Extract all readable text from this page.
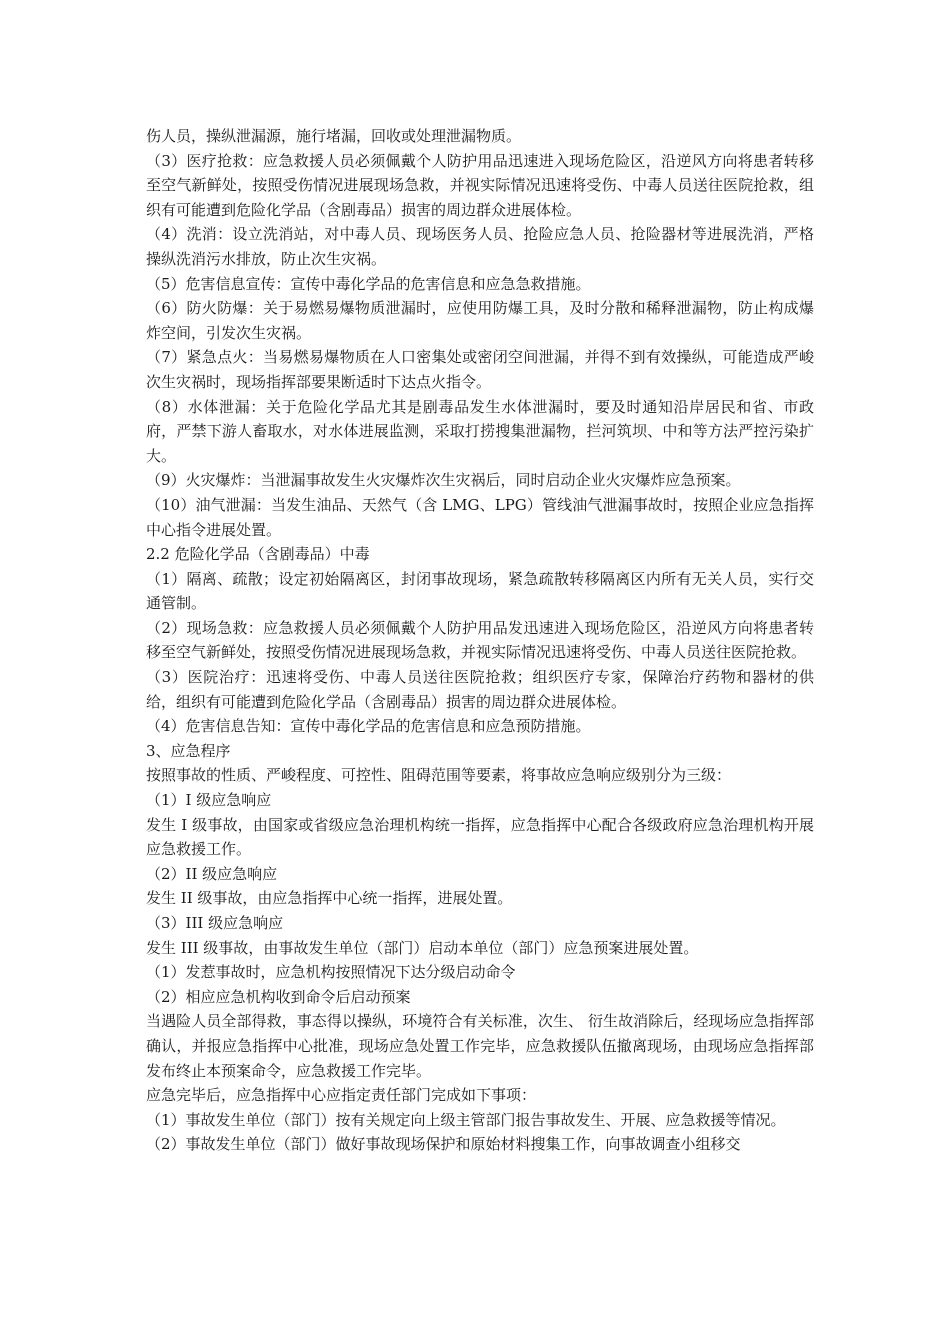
伤人员，操纵泄漏源，施行堵漏，回收或处理泄漏物质。

（3）医疗抢救：应急救援人员必须佩戴个人防护用品迅速进入现场危险区，沿逆风方向将患者转移至空气新鲜处，按照受伤情况进展现场急救，并视实际情况迅速将受伤、中毒人员送往医院抢救，组织有可能遭到危险化学品（含剧毒品）损害的周边群众进展体检。

（4）洗消：设立洗消站，对中毒人员、现场医务人员、抢险应急人员、抢险器材等进展洗消，严格操纵洗消污水排放，防止次生灾祸。

（5）危害信息宣传：宣传中毒化学品的危害信息和应急急救措施。

（6）防火防爆：关于易燃易爆物质泄漏时，应使用防爆工具，及时分散和稀释泄漏物，防止构成爆炸空间，引发次生灾祸。

（7）紧急点火：当易燃易爆物质在人口密集处或密闭空间泄漏，并得不到有效操纵，可能造成严峻次生灾祸时，现场指挥部要果断适时下达点火指令。

（8）水体泄漏：关于危险化学品尤其是剧毒品发生水体泄漏时，要及时通知沿岸居民和省、市政府，严禁下游人畜取水，对水体进展监测，采取打捞搜集泄漏物，拦河筑坝、中和等方法严控污染扩大。

（9）火灾爆炸：当泄漏事故发生火灾爆炸次生灾祸后，同时启动企业火灾爆炸应急预案。

（10）油气泄漏：当发生油品、天然气（含 LMG、LPG）管线油气泄漏事故时，按照企业应急指挥中心指令进展处置。

2.2 危险化学品（含剧毒品）中毒

（1）隔离、疏散；设定初始隔离区，封闭事故现场，紧急疏散转移隔离区内所有无关人员，实行交通管制。

（2）现场急救：应急救援人员必须佩戴个人防护用品发迅速进入现场危险区，沿逆风方向将患者转移至空气新鲜处，按照受伤情况进展现场急救，并视实际情况迅速将受伤、中毒人员送往医院抢救。

（3）医院治疗：迅速将受伤、中毒人员送往医院抢救；组织医疗专家，保障治疗药物和器材的供给，组织有可能遭到危险化学品（含剧毒品）损害的周边群众进展体检。

（4）危害信息告知：宣传中毒化学品的危害信息和应急预防措施。

3、应急程序

按照事故的性质、严峻程度、可控性、阻碍范围等要素，将事故应急响应级别分为三级：

（1）I 级应急响应

发生 I 级事故，由国家或省级应急治理机构统一指挥，应急指挥中心配合各级政府应急治理机构开展应急救援工作。

（2）II 级应急响应

发生 II 级事故，由应急指挥中心统一指挥，进展处置。

（3）III 级应急响应

发生 III 级事故，由事故发生单位（部门）启动本单位（部门）应急预案进展处置。

（1）发惹事故时，应急机构按照情况下达分级启动命令

（2）相应应急机构收到命令后启动预案

当遇险人员全部得救，事态得以操纵，环境符合有关标准，次生、 衍生故消除后，经现场应急指挥部确认，并报应急指挥中心批准，现场应急处置工作完毕，应急救援队伍撤离现场，由现场应急指挥部发布终止本预案命令，应急救援工作完毕。

应急完毕后，应急指挥中心应指定责任部门完成如下事项：

（1）事故发生单位（部门）按有关规定向上级主管部门报告事故发生、开展、应急救援等情况。

（2）事故发生单位（部门）做好事故现场保护和原始材料搜集工作，向事故调查小组移交
